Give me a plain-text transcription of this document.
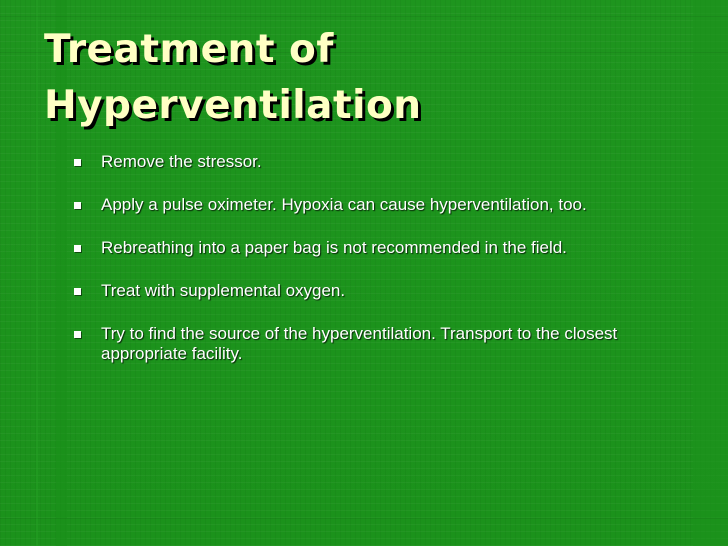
Treatment of
Hyperventilation
Remove the stressor.
Apply a pulse oximeter. Hypoxia can cause hyperventilation, too.
Rebreathing into a paper bag is not recommended in the field.
Treat with supplemental oxygen.
Try to find the source of the hyperventilation. Transport to the closest appropriate facility.
